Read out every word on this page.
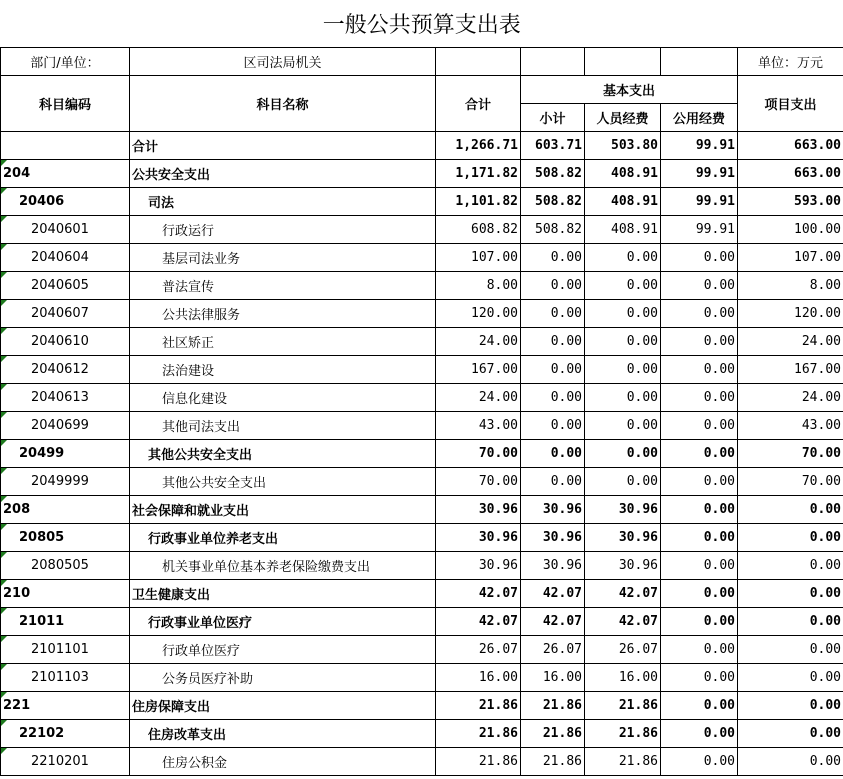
一般公共预算支出表						
部门/单位：	区司法局机关					单位：万元
科目编码	科目名称	合计	基本支出			项目支出
			小计	人员经费	公用经费	
	合计	1,266.71	603.71	503.80	99.91	663.00
204	公共安全支出	1,171.82	508.82	408.91	99.91	663.00
20406	司法	1,101.82	508.82	408.91	99.91	593.00
2040601	行政运行	608.82	508.82	408.91	99.91	100.00
2040604	基层司法业务	107.00	0.00	0.00	0.00	107.00
2040605	普法宣传	8.00	0.00	0.00	0.00	8.00
2040607	公共法律服务	120.00	0.00	0.00	0.00	120.00
2040610	社区矫正	24.00	0.00	0.00	0.00	24.00
2040612	法治建设	167.00	0.00	0.00	0.00	167.00
2040613	信息化建设	24.00	0.00	0.00	0.00	24.00
2040699	其他司法支出	43.00	0.00	0.00	0.00	43.00
20499	其他公共安全支出	70.00	0.00	0.00	0.00	70.00
2049999	其他公共安全支出	70.00	0.00	0.00	0.00	70.00
208	社会保障和就业支出	30.96	30.96	30.96	0.00	0.00
20805	行政事业单位养老支出	30.96	30.96	30.96	0.00	0.00
2080505	机关事业单位基本养老保险缴费支出	30.96	30.96	30.96	0.00	0.00
210	卫生健康支出	42.07	42.07	42.07	0.00	0.00
21011	行政事业单位医疗	42.07	42.07	42.07	0.00	0.00
2101101	行政单位医疗	26.07	26.07	26.07	0.00	0.00
2101103	公务员医疗补助	16.00	16.00	16.00	0.00	0.00
221	住房保障支出	21.86	21.86	21.86	0.00	0.00
22102	住房改革支出	21.86	21.86	21.86	0.00	0.00
2210201	住房公积金	21.86	21.86	21.86	0.00	0.00
